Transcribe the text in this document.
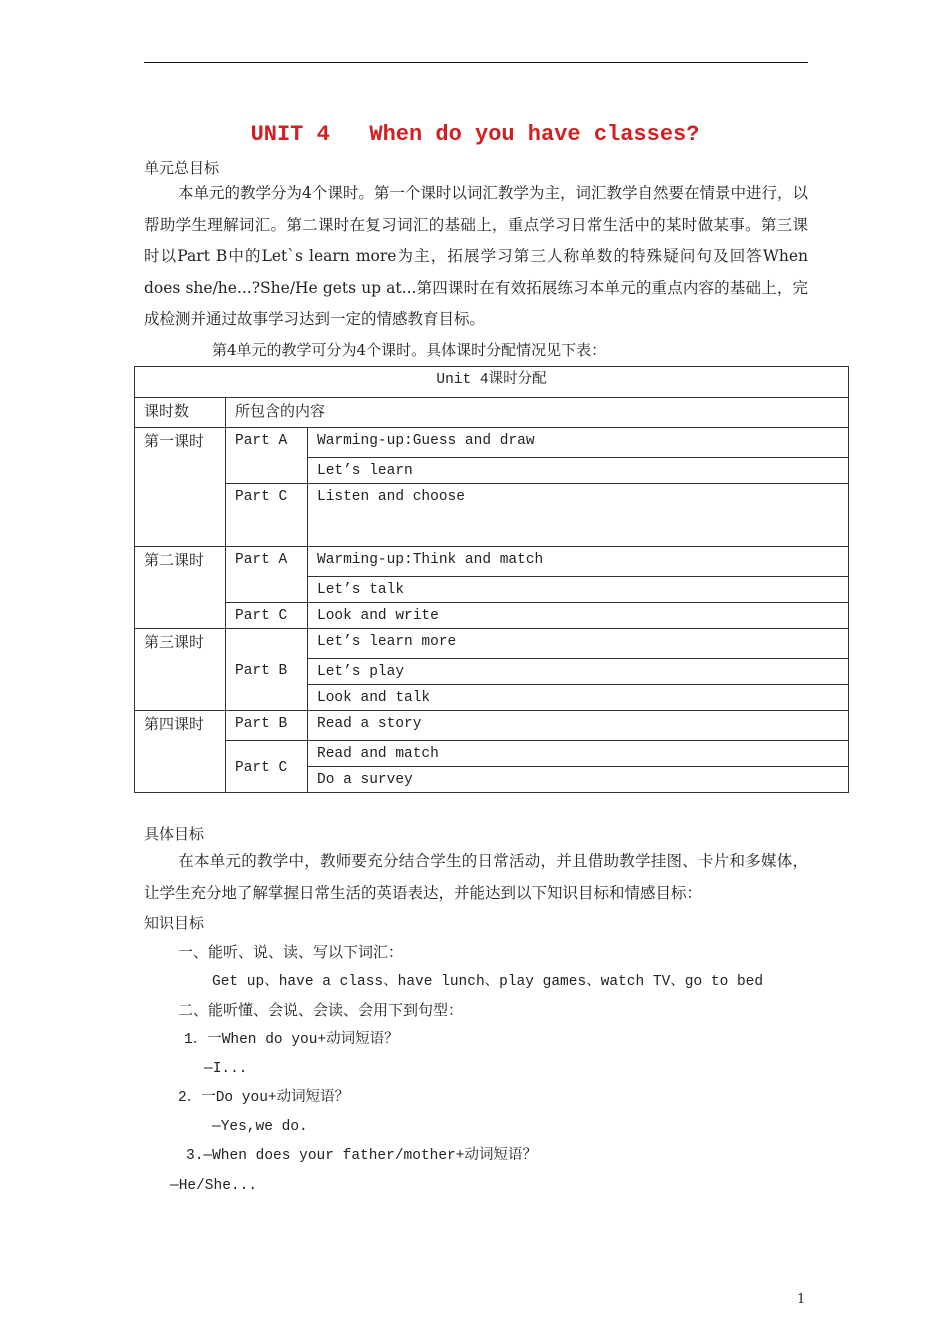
UNIT 4   When do you have classes?
单元总目标
本单元的教学分为4个课时。第一个课时以词汇教学为主，词汇教学自然要在情景中进行，以帮助学生理解词汇。第二课时在复习词汇的基础上，重点学习日常生活中的某时做某事。第三课时以Part B中的Let`s learn more为主，拓展学习第三人称单数的特殊疑问句及回答When does she/he...?She/He gets up at...第四课时在有效拓展练习本单元的重点内容的基础上，完成检测并通过故事学习达到一定的情感教育目标。
第4单元的教学可分为4个课时。具体课时分配情况见下表：
Unit 4课时分配		
课时数	所包含的内容	
第一课时	Part A	Warming-up:Guess and draw
		Let’s learn
	Part C	Listen and choose
第二课时	Part A	Warming-up:Think and match
		Let’s talk
	Part C	Look and write
第三课时	Part B	Let’s learn more
		Let’s play
		Look and talk
第四课时	Part B	Read a story
	Part C	Read and match
		Do a survey
具体目标
在本单元的教学中，教师要充分结合学生的日常活动，并且借助教学挂图、卡片和多媒体，让学生充分地了解掌握日常生活的英语表达，并能达到以下知识目标和情感目标：
知识目标
一、能听、说、读、写以下词汇：
Get up、have a class、have lunch、play games、watch TV、go to bed
二、能听懂、会说、会读、会用下到句型：
1．一When do you+动词短语？
—I...
2．一Do you+动词短语？
—Yes,we do.
3.—When does your father/mother+动词短语？
—He/She...
1
